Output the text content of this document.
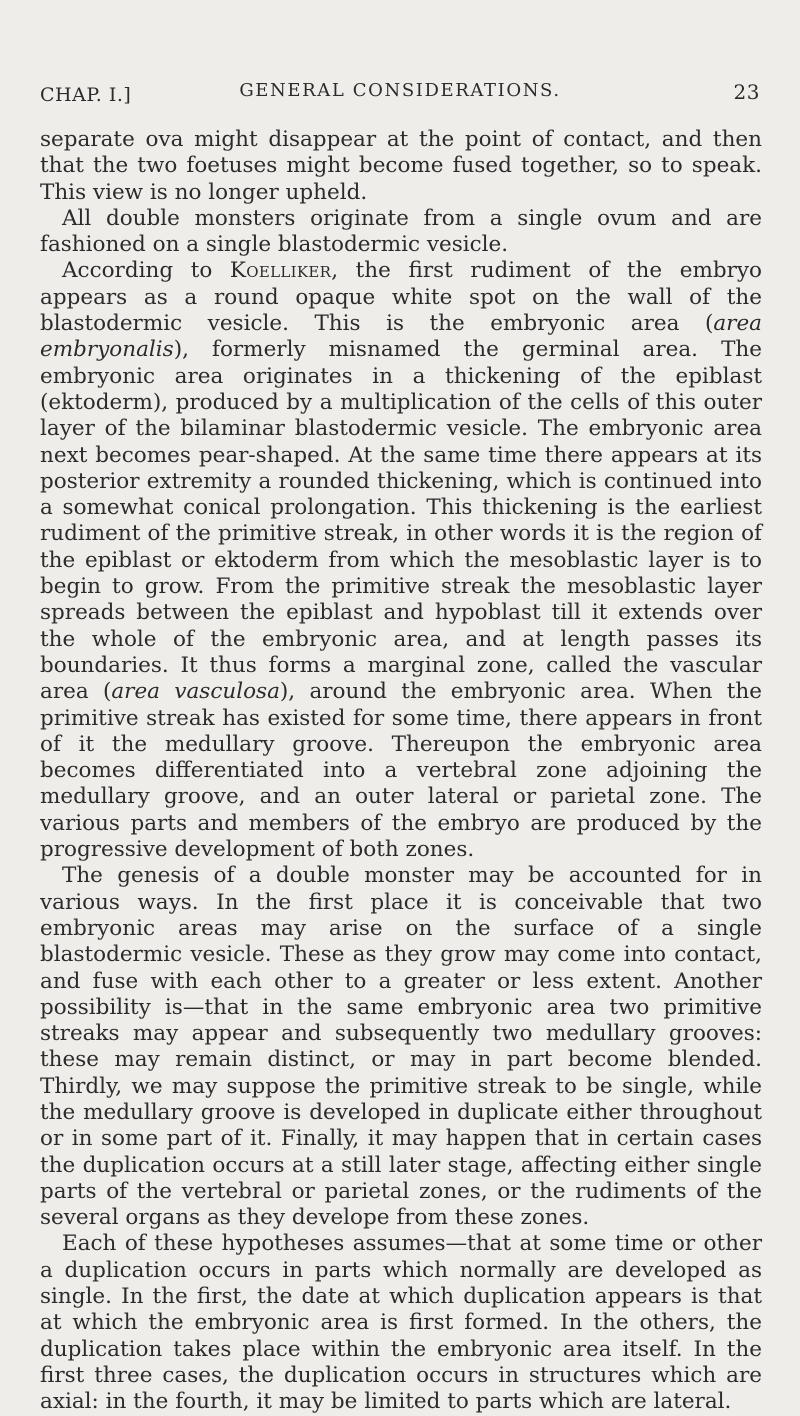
CHAP. I.]	GENERAL CONSIDERATIONS.	23

separate ova might disappear at the point of contact, and then that the two foetuses might become fused together, so to speak. This view is no longer upheld.

All double monsters originate from a single ovum and are fashioned on a single blastodermic vesicle.

According to Koelliker, the first rudiment of the embryo appears as a round opaque white spot on the wall of the blastodermic vesicle. This is the embryonic area (area embryonalis), formerly misnamed the germinal area. The embryonic area originates in a thickening of the epiblast (ektoderm), produced by a multiplication of the cells of this outer layer of the bilaminar blastodermic vesicle. The embryonic area next becomes pear-shaped. At the same time there appears at its posterior extremity a rounded thickening, which is continued into a somewhat conical prolongation. This thickening is the earliest rudiment of the primitive streak, in other words it is the region of the epiblast or ektoderm from which the mesoblastic layer is to begin to grow. From the primitive streak the mesoblastic layer spreads between the epiblast and hypoblast till it extends over the whole of the embryonic area, and at length passes its boundaries. It thus forms a marginal zone, called the vascular area (area vasculosa), around the embryonic area. When the primitive streak has existed for some time, there appears in front of it the medullary groove. Thereupon the embryonic area becomes differentiated into a vertebral zone adjoining the medullary groove, and an outer lateral or parietal zone. The various parts and members of the embryo are produced by the progressive development of both zones.

The genesis of a double monster may be accounted for in various ways. In the first place it is conceivable that two embryonic areas may arise on the surface of a single blastodermic vesicle. These as they grow may come into contact, and fuse with each other to a greater or less extent. Another possibility is—that in the same embryonic area two primitive streaks may appear and subsequently two medullary grooves: these may remain distinct, or may in part become blended. Thirdly, we may suppose the primitive streak to be single, while the medullary groove is developed in duplicate either throughout or in some part of it. Finally, it may happen that in certain cases the duplication occurs at a still later stage, affecting either single parts of the vertebral or parietal zones, or the rudiments of the several organs as they develope from these zones.

Each of these hypotheses assumes—that at some time or other a duplication occurs in parts which normally are developed as single. In the first, the date at which duplication appears is that at which the embryonic area is first formed. In the others, the duplication takes place within the embryonic area itself. In the first three cases, the duplication occurs in structures which are axial: in the fourth, it may be limited to parts which are lateral.
